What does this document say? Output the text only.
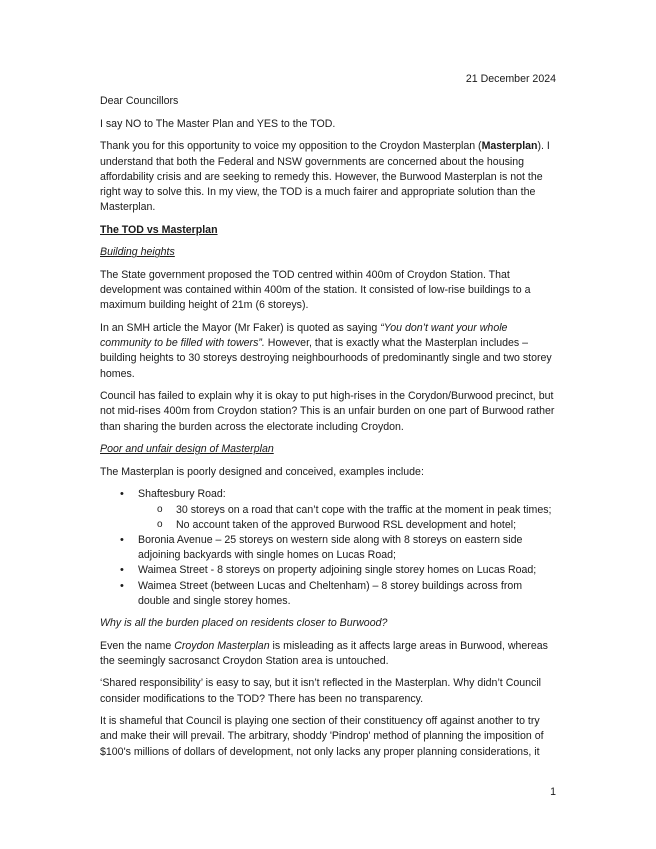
21 December 2024

Dear Councillors

I say NO to The Master Plan and YES to the TOD.

Thank you for this opportunity to voice my opposition to the Croydon Masterplan (Masterplan). I understand that both the Federal and NSW governments are concerned about the housing affordability crisis and are seeking to remedy this. However, the Burwood Masterplan is not the right way to solve this. In my view, the TOD is a much fairer and appropriate solution than the Masterplan.

The TOD vs Masterplan

Building heights

The State government proposed the TOD centred within 400m of Croydon Station. That development was contained within 400m of the station. It consisted of low-rise buildings to a maximum building height of 21m (6 storeys).

In an SMH article the Mayor (Mr Faker) is quoted as saying “You don’t want your whole community to be filled with towers”. However, that is exactly what the Masterplan includes – building heights to 30 storeys destroying neighbourhoods of predominantly single and two storey homes.

Council has failed to explain why it is okay to put high-rises in the Corydon/Burwood precinct, but not mid-rises 400m from Croydon station? This is an unfair burden on one part of Burwood rather than sharing the burden across the electorate including Croydon.

Poor and unfair design of Masterplan

The Masterplan is poorly designed and conceived, examples include:

• Shaftesbury Road:
o 30 storeys on a road that can’t cope with the traffic at the moment in peak times;
o No account taken of the approved Burwood RSL development and hotel;
• Boronia Avenue – 25 storeys on western side along with 8 storeys on eastern side adjoining backyards with single homes on Lucas Road;
• Waimea Street - 8 storeys on property adjoining single storey homes on Lucas Road;
• Waimea Street (between Lucas and Cheltenham) – 8 storey buildings across from double and single storey homes.

Why is all the burden placed on residents closer to Burwood?

Even the name Croydon Masterplan is misleading as it affects large areas in Burwood, whereas the seemingly sacrosanct Croydon Station area is untouched.

‘Shared responsibility’ is easy to say, but it isn’t reflected in the Masterplan. Why didn’t Council consider modifications to the TOD? There has been no transparency.

It is shameful that Council is playing one section of their constituency off against another to try and make their will prevail. The arbitrary, shoddy 'Pindrop' method of planning the imposition of $100's millions of dollars of development, not only lacks any proper planning considerations, it

1
